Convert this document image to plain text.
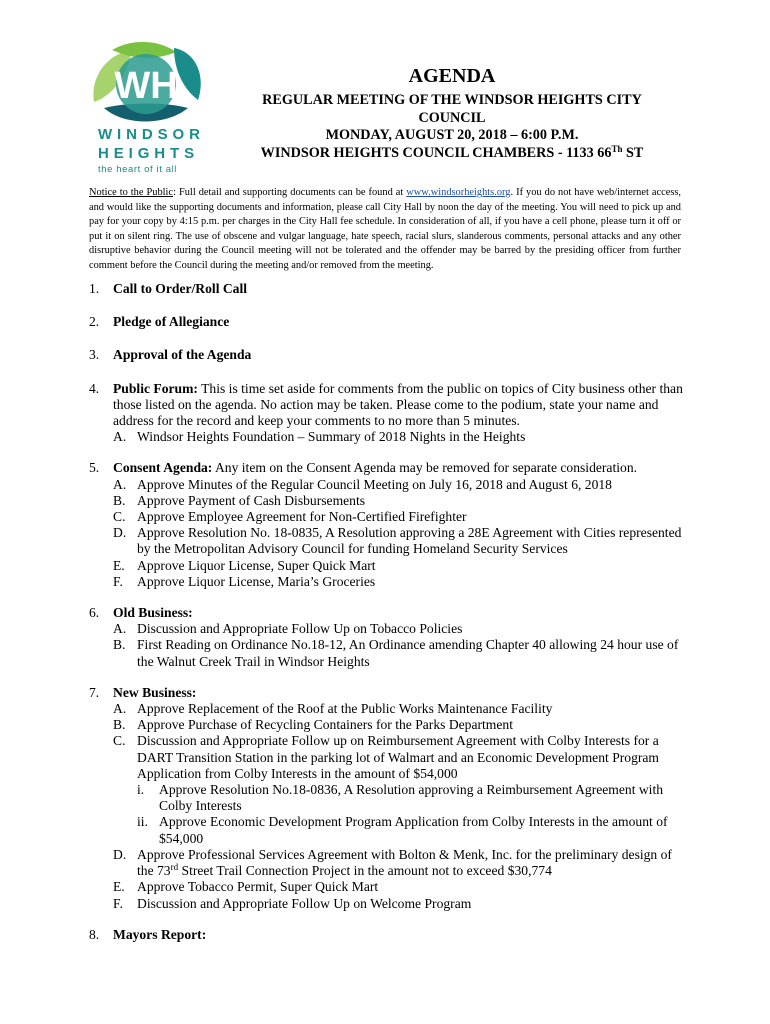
WH
WINDSOR
HEIGHTS
the heart of it all
AGENDA
REGULAR MEETING OF THE WINDSOR HEIGHTS CITY
COUNCIL
MONDAY, AUGUST 20, 2018 – 6:00 P.M.
WINDSOR HEIGHTS COUNCIL CHAMBERS - 1133 66Th ST
Notice to the Public: Full detail and supporting documents can be found at www.windsorheights.org. If you do not have web/internet access, and would like the supporting documents and information, please call City Hall by noon the day of the meeting. You will need to pick up and pay for your copy by 4:15 p.m. per charges in the City Hall fee schedule. In consideration of all, if you have a cell phone, please turn it off or put it on silent ring. The use of obscene and vulgar language, hate speech, racial slurs, slanderous comments, personal attacks and any other disruptive behavior during the Council meeting will not be tolerated and the offender may be barred by the presiding officer from further comment before the Council during the meeting and/or removed from the meeting.
1. Call to Order/Roll Call
2. Pledge of Allegiance
3. Approval of the Agenda
4. Public Forum: This is time set aside for comments from the public on topics of City business other than those listed on the agenda. No action may be taken. Please come to the podium, state your name and address for the record and keep your comments to no more than 5 minutes.
A. Windsor Heights Foundation – Summary of 2018 Nights in the Heights
5. Consent Agenda: Any item on the Consent Agenda may be removed for separate consideration.
A. Approve Minutes of the Regular Council Meeting on July 16, 2018 and August 6, 2018
B. Approve Payment of Cash Disbursements
C. Approve Employee Agreement for Non-Certified Firefighter
D. Approve Resolution No. 18-0835, A Resolution approving a 28E Agreement with Cities represented by the Metropolitan Advisory Council for funding Homeland Security Services
E. Approve Liquor License, Super Quick Mart
F. Approve Liquor License, Maria’s Groceries
6. Old Business:
A. Discussion and Appropriate Follow Up on Tobacco Policies
B. First Reading on Ordinance No.18-12, An Ordinance amending Chapter 40 allowing 24 hour use of the Walnut Creek Trail in Windsor Heights
7. New Business:
A. Approve Replacement of the Roof at the Public Works Maintenance Facility
B. Approve Purchase of Recycling Containers for the Parks Department
C. Discussion and Appropriate Follow up on Reimbursement Agreement with Colby Interests for a DART Transition Station in the parking lot of Walmart and an Economic Development Program Application from Colby Interests in the amount of $54,000
i. Approve Resolution No.18-0836, A Resolution approving a Reimbursement Agreement with Colby Interests
ii. Approve Economic Development Program Application from Colby Interests in the amount of $54,000
D. Approve Professional Services Agreement with Bolton & Menk, Inc. for the preliminary design of the 73rd Street Trail Connection Project in the amount not to exceed $30,774
E. Approve Tobacco Permit, Super Quick Mart
F. Discussion and Appropriate Follow Up on Welcome Program
8. Mayors Report:
